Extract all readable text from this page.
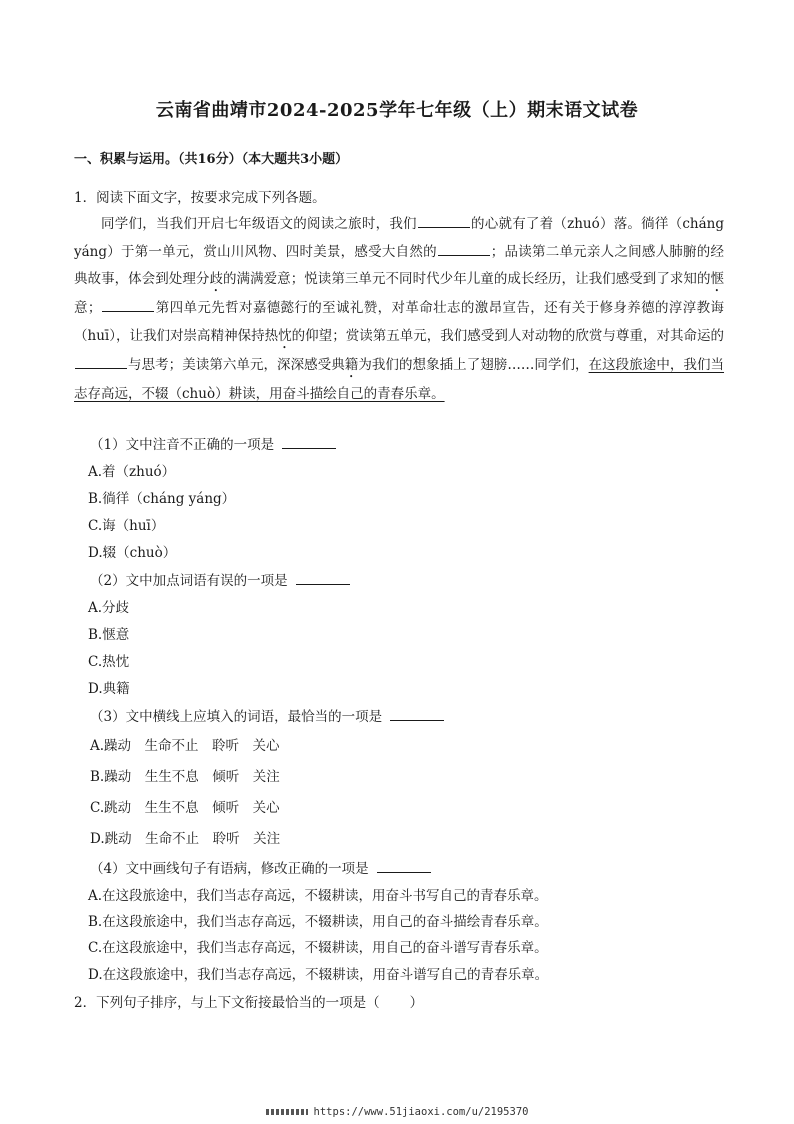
云南省曲靖市2024-2025学年七年级（上）期末语文试卷
一、积累与运用。（共16分）（本大题共3小题）
1．阅读下面文字，按要求完成下列各题。
同学们，当我们开启七年级语文的阅读之旅时，我们	的心就有了着（zhuó）落。徜徉（cháng　yáng）于第一单元，赏山川风物、四时美景，感受大自然的	；品读第二单元亲人之间感人肺腑的经典故事，体会到处理分歧的满满爱意；悦读第三单元不同时代少年儿童的成长经历，让我们感受到了求知的惬意；	第四单元先哲对嘉德懿行的至诚礼赞，对革命壮志的激昂宣告，还有关于修身养德的淳淳教诲（huī），让我们对崇高精神保持热忱的仰望；赏读第五单元，我们感受到人对动物的欣赏与尊重，对其命运的与思考；美读第六单元，深深感受典籍为我们的想象插上了翅膀……同学们，在这段旅途中，我们当志存高远，不辍（chuò）耕读，用奋斗描绘自己的青春乐章。
（1）文中注音不正确的一项是
A.着（zhuó）
B.徜徉（cháng yáng）
C.诲（huī）
D.辍（chuò）
（2）文中加点词语有误的一项是
A.分歧
B.惬意
C.热忱
D.典籍
（3）文中横线上应填入的词语，最恰当的一项是
A.躁动　生命不止　聆听　关心
B.躁动　生生不息　倾听　关注
C.跳动　生生不息　倾听　关心
D.跳动　生命不止　聆听　关注
（4）文中画线句子有语病，修改正确的一项是
A.在这段旅途中，我们当志存高远，不辍耕读，用奋斗书写自己的青春乐章。
B.在这段旅途中，我们当志存高远，不辍耕读，用自己的奋斗描绘青春乐章。
C.在这段旅途中，我们当志存高远，不辍耕读，用自己的奋斗谱写青春乐章。
D.在这段旅途中，我们当志存高远，不辍耕读，用奋斗谱写自己的青春乐章。
2．下列句子排序，与上下文衔接最恰当的一项是（ ）
https://www.51jiaoxi.com/u/2195370
